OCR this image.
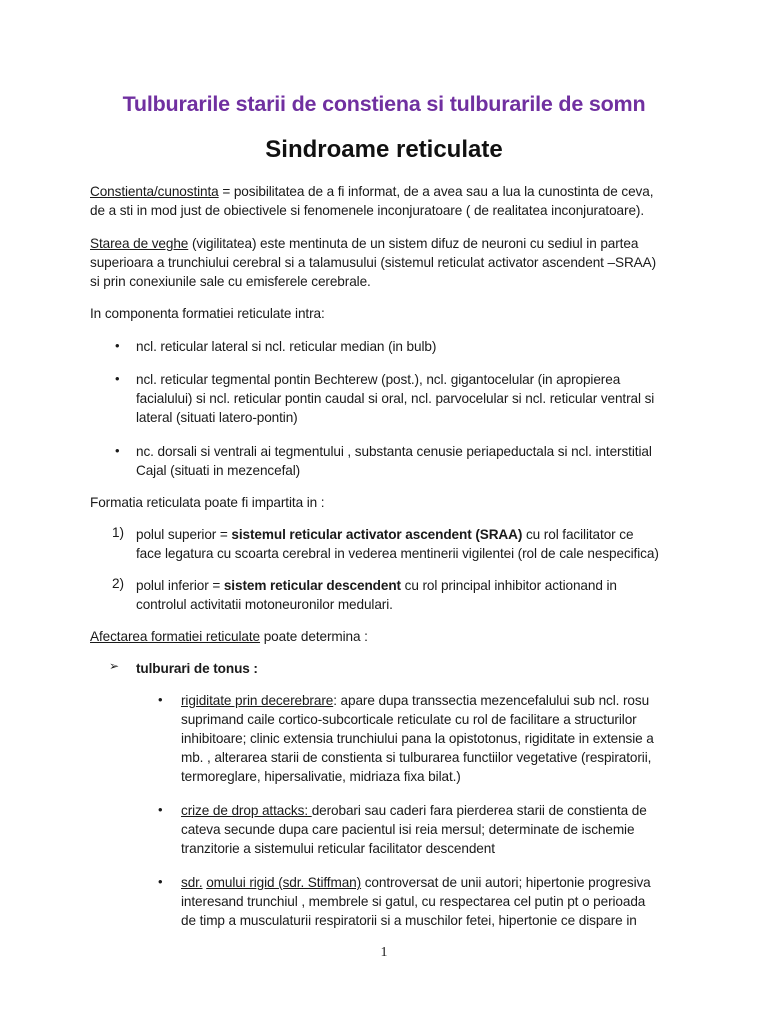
Tulburarile starii de constiena si tulburarile de somn
Sindroame reticulate
Constienta/cunostinta = posibilitatea de a fi informat, de a avea sau a lua la cunostinta de ceva,
de a sti in mod just de obiectivele si fenomenele inconjuratoare ( de realitatea inconjuratoare).
Starea de veghe (vigilitatea) este mentinuta de un sistem difuz de neuroni cu sediul in partea
superioara a trunchiului cerebral si a talamusului (sistemul reticulat activator ascendent –SRAA)
si prin conexiunile sale cu emisferele cerebrale.
In componenta formatiei reticulate intra:
• ncl. reticular lateral si ncl. reticular median (in bulb)
• ncl. reticular tegmental pontin Bechterew (post.), ncl. gigantocelular (in apropierea
facialului) si ncl. reticular pontin caudal si oral, ncl. parvocelular si ncl. reticular ventral si
lateral (situati latero-pontin)
• nc. dorsali si ventrali ai tegmentului , substanta cenusie periapeductala si ncl. interstitial
Cajal (situati in mezencefal)
Formatia reticulata poate fi impartita in :
1) polul superior = sistemul reticular activator ascendent (SRAA) cu rol facilitator ce
face legatura cu scoarta cerebral in vederea mentinerii vigilentei (rol de cale nespecifica)
2) polul inferior = sistem reticular descendent cu rol principal inhibitor actionand in
controlul activitatii motoneuronilor medulari.
Afectarea formatiei reticulate poate determina :
➢ tulburari de tonus :
• rigiditate prin decerebrare: apare dupa transsectia mezencefalului sub ncl. rosu
suprimand caile cortico-subcorticale reticulate cu rol de facilitare a structurilor
inhibitoare; clinic extensia trunchiului pana la opistotonus, rigiditate in extensie a
mb. , alterarea starii de constienta si tulburarea functiilor vegetative (respiratorii,
termoreglare, hipersalivatie, midriaza fixa bilat.)
• crize de drop attacks: derobari sau caderi fara pierderea starii de constienta de
cateva secunde dupa care pacientul isi reia mersul; determinate de ischemie
tranzitorie a sistemului reticular facilitator descendent
• sdr. omului rigid (sdr. Stiffman) controversat de unii autori; hipertonie progresiva
interesand trunchiul , membrele si gatul, cu respectarea cel putin pt o perioada
de timp a musculaturii respiratorii si a muschilor fetei, hipertonie ce dispare in
1
